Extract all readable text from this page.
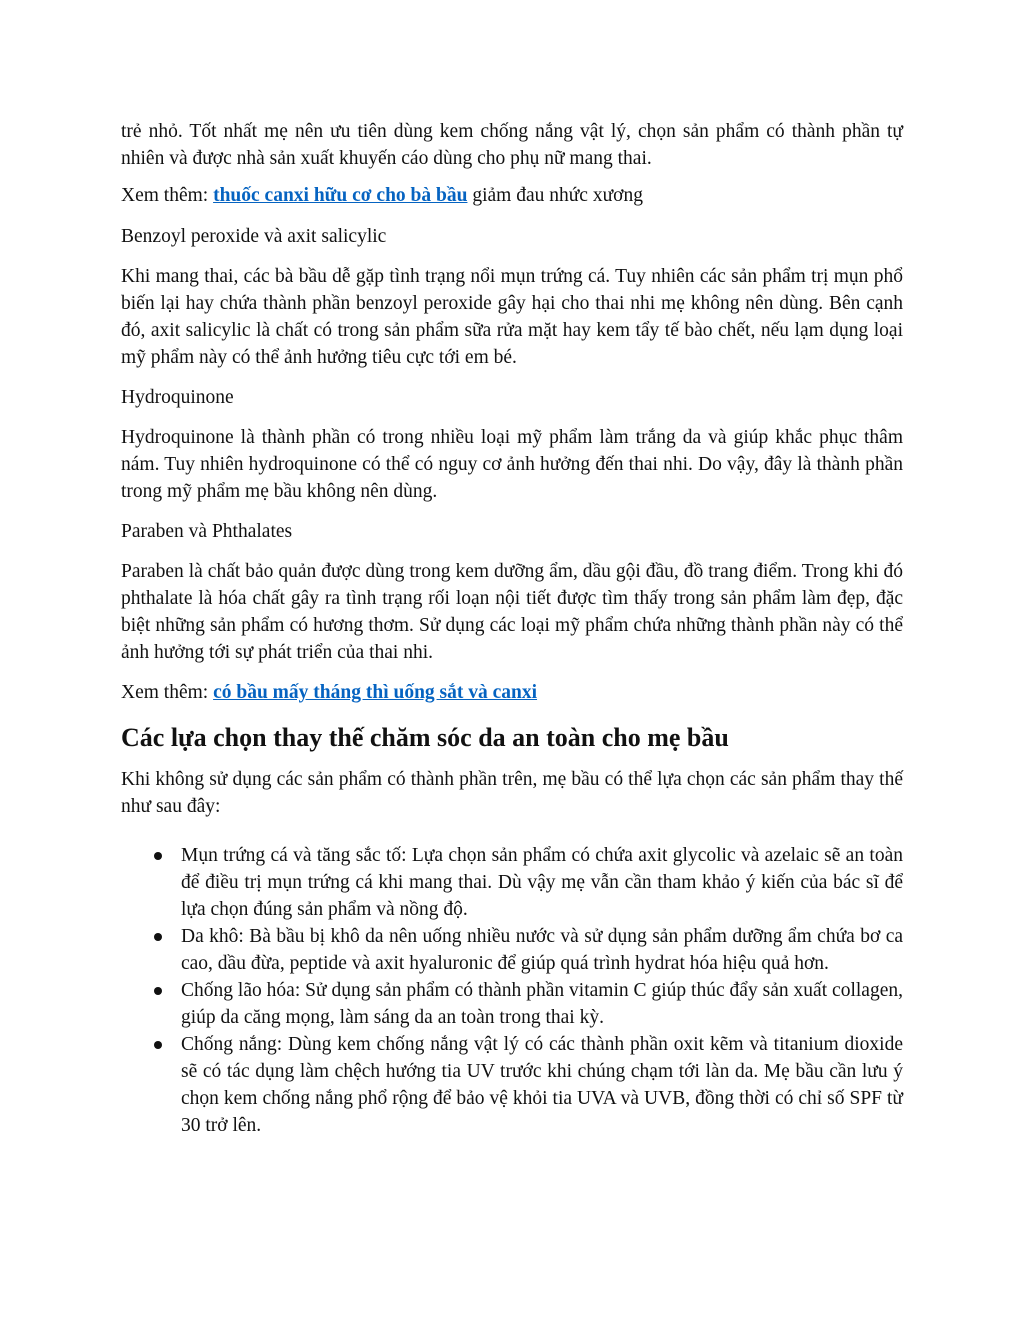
trẻ nhỏ. Tốt nhất mẹ nên ưu tiên dùng kem chống nắng vật lý, chọn sản phẩm có thành phần tự nhiên và được nhà sản xuất khuyến cáo dùng cho phụ nữ mang thai.

Xem thêm: thuốc canxi hữu cơ cho bà bầu giảm đau nhức xương

Benzoyl peroxide và axit salicylic

Khi mang thai, các bà bầu dễ gặp tình trạng nổi mụn trứng cá. Tuy nhiên các sản phẩm trị mụn phổ biến lại hay chứa thành phần benzoyl peroxide gây hại cho thai nhi mẹ không nên dùng. Bên cạnh đó, axit salicylic là chất có trong sản phẩm sữa rửa mặt hay kem tẩy tế bào chết, nếu lạm dụng loại mỹ phẩm này có thể ảnh hưởng tiêu cực tới em bé.

Hydroquinone

Hydroquinone là thành phần có trong nhiều loại mỹ phẩm làm trắng da và giúp khắc phục thâm nám. Tuy nhiên hydroquinone có thể có nguy cơ ảnh hưởng đến thai nhi. Do vậy, đây là thành phần trong mỹ phẩm mẹ bầu không nên dùng.

Paraben và Phthalates

Paraben là chất bảo quản được dùng trong kem dưỡng ẩm, dầu gội đầu, đồ trang điểm. Trong khi đó phthalate là hóa chất gây ra tình trạng rối loạn nội tiết được tìm thấy trong sản phẩm làm đẹp, đặc biệt những sản phẩm có hương thơm. Sử dụng các loại mỹ phẩm chứa những thành phần này có thể ảnh hưởng tới sự phát triển của thai nhi.

Xem thêm: có bầu mấy tháng thì uống sắt và canxi

Các lựa chọn thay thế chăm sóc da an toàn cho mẹ bầu

Khi không sử dụng các sản phẩm có thành phần trên, mẹ bầu có thể lựa chọn các sản phẩm thay thế như sau đây:

Mụn trứng cá và tăng sắc tố: Lựa chọn sản phẩm có chứa axit glycolic và azelaic sẽ an toàn để điều trị mụn trứng cá khi mang thai. Dù vậy mẹ vẫn cần tham khảo ý kiến của bác sĩ để lựa chọn đúng sản phẩm và nồng độ.

Da khô: Bà bầu bị khô da nên uống nhiều nước và sử dụng sản phẩm dưỡng ẩm chứa bơ ca cao, dầu đừa, peptide và axit hyaluronic để giúp quá trình hydrat hóa hiệu quả hơn.

Chống lão hóa: Sử dụng sản phẩm có thành phần vitamin C giúp thúc đẩy sản xuất collagen, giúp da căng mọng, làm sáng da an toàn trong thai kỳ.

Chống nắng: Dùng kem chống nắng vật lý có các thành phần oxit kẽm và titanium dioxide sẽ có tác dụng làm chệch hướng tia UV trước khi chúng chạm tới làn da. Mẹ bầu cần lưu ý chọn kem chống nắng phổ rộng để bảo vệ khỏi tia UVA và UVB, đồng thời có chỉ số SPF từ 30 trở lên.
